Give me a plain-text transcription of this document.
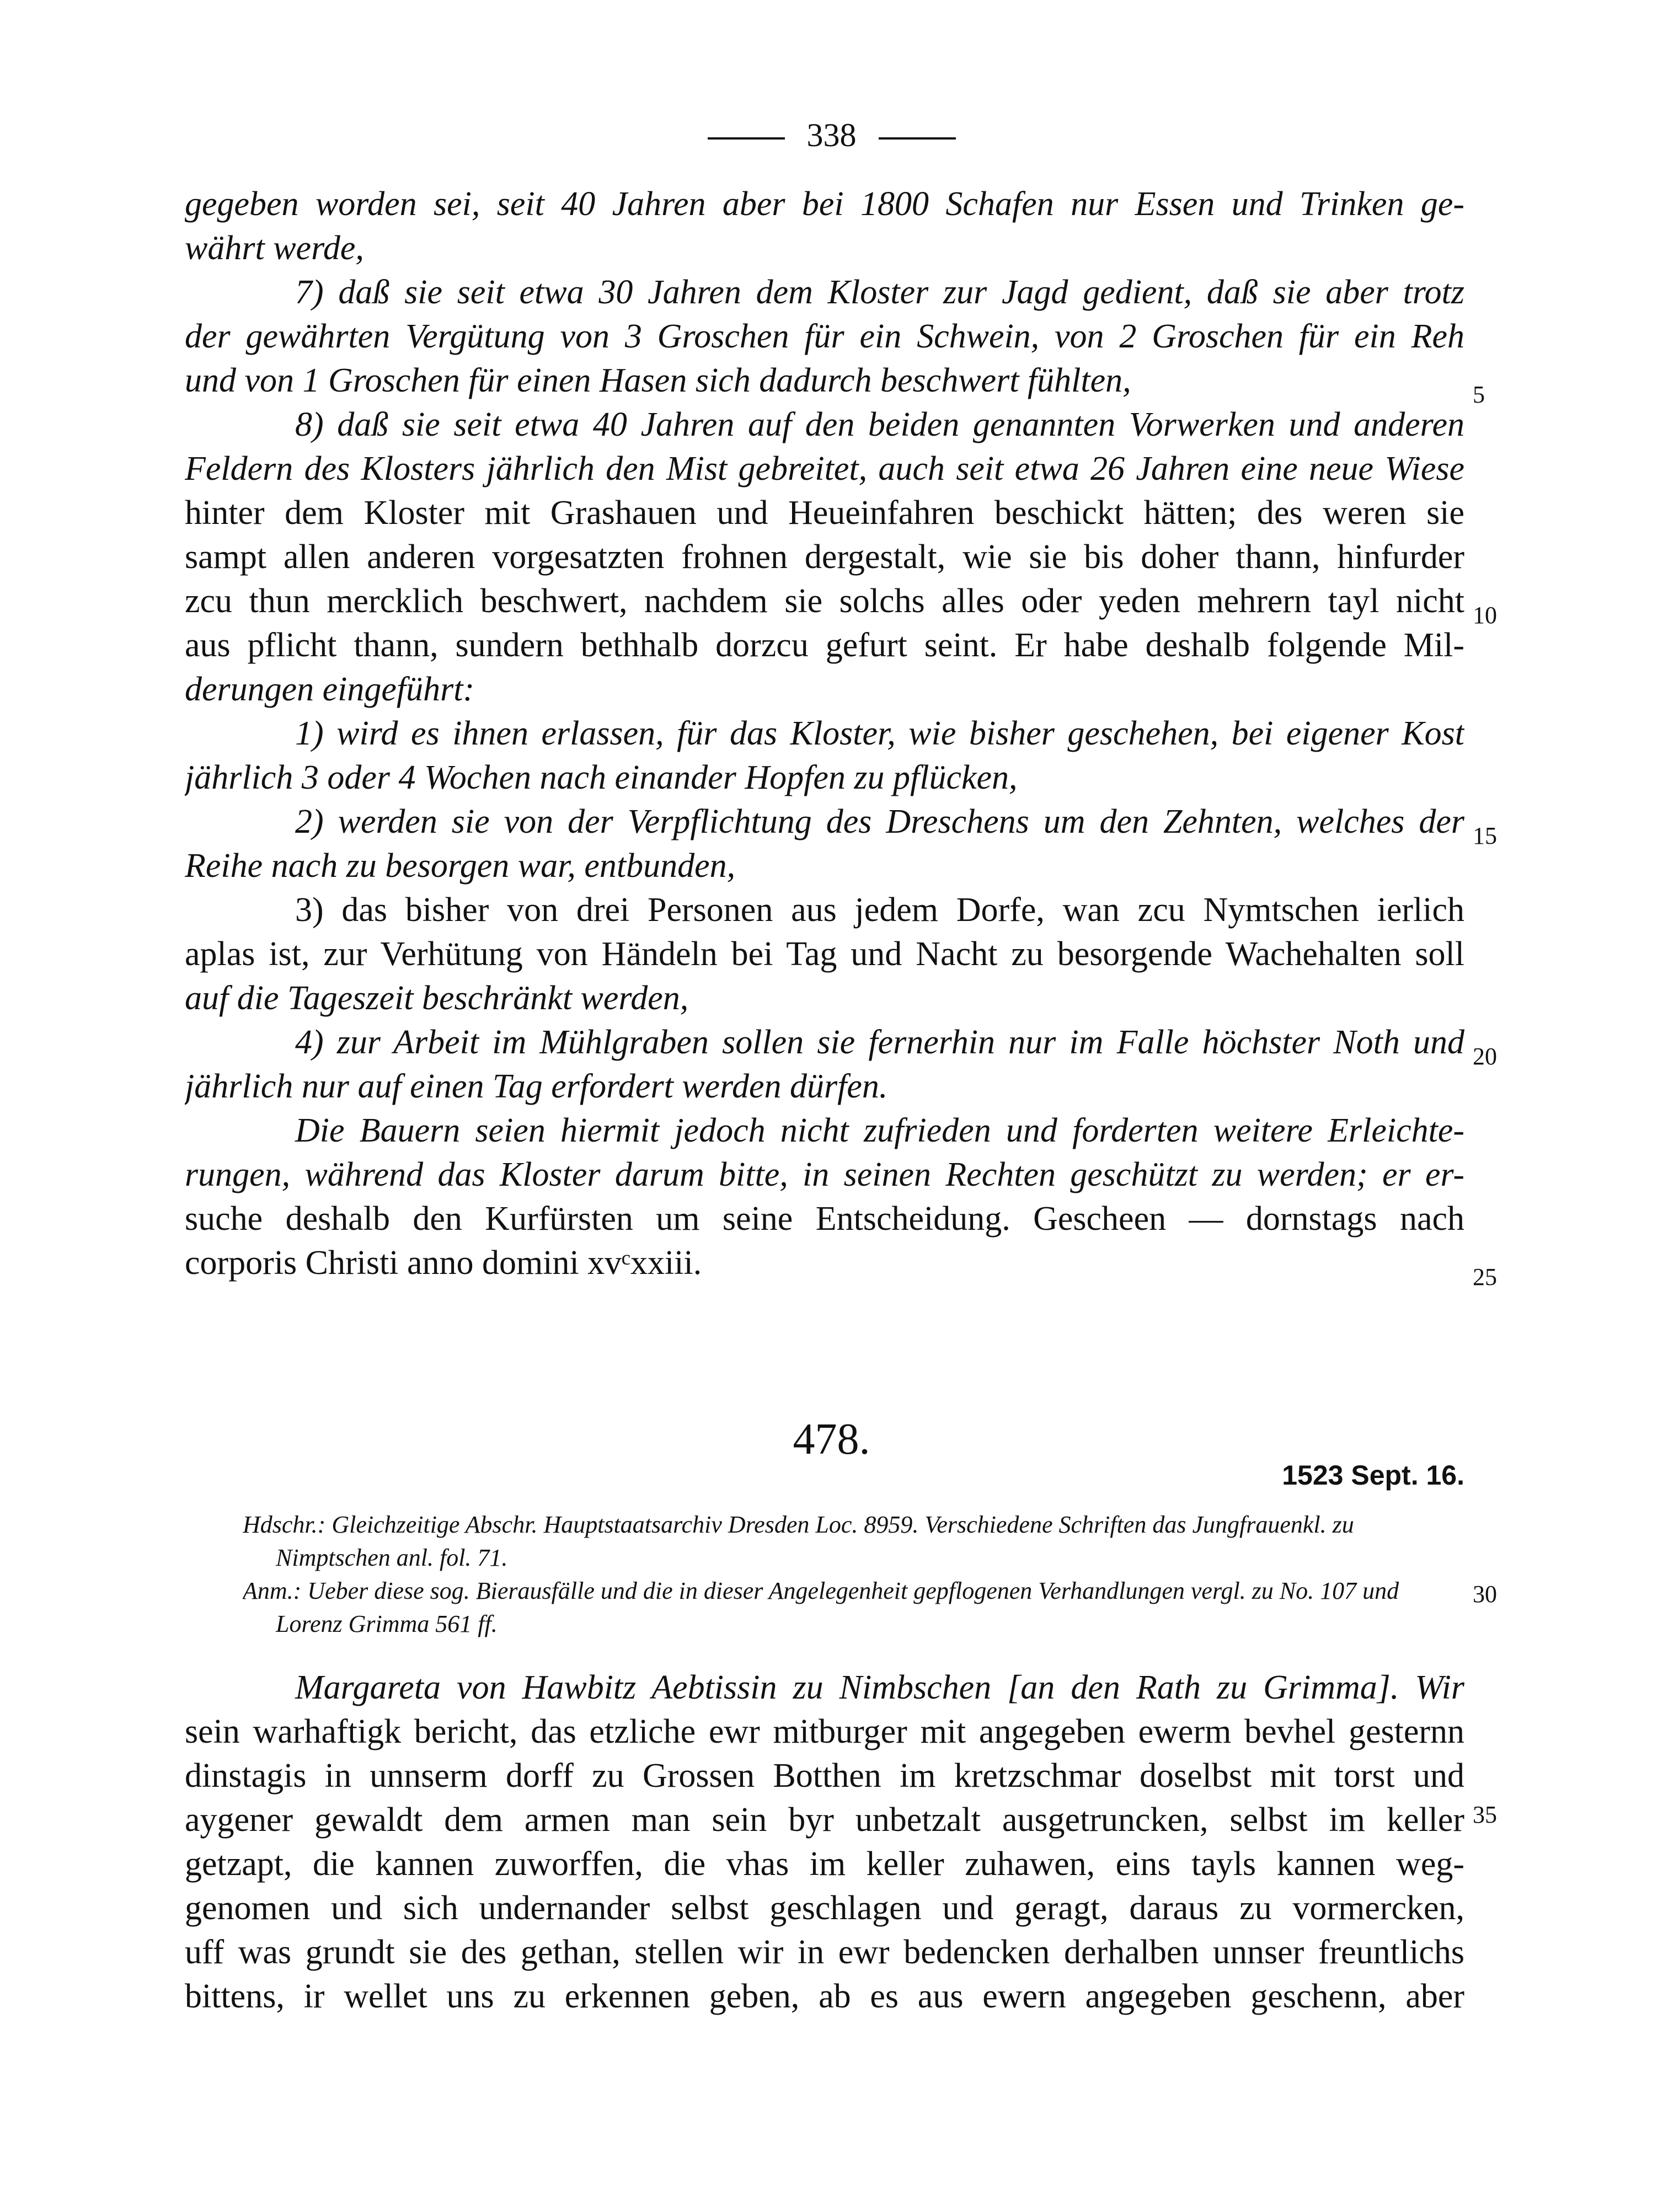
338
gegeben worden sei, seit 40 Jahren aber bei 1800 Schafen nur Essen und Trinken ge-
währt werde,
7) daß sie seit etwa 30 Jahren dem Kloster zur Jagd gedient, daß sie aber trotz
der gewährten Vergütung von 3 Groschen für ein Schwein, von 2 Groschen für ein Reh
und von 1 Groschen für einen Hasen sich dadurch beschwert fühlten,
8) daß sie seit etwa 40 Jahren auf den beiden genannten Vorwerken und anderen
Feldern des Klosters jährlich den Mist gebreitet, auch seit etwa 26 Jahren eine neue Wiese
hinter dem Kloster mit Grashauen und Heueinfahren beschickt hätten; des weren sie
sampt allen anderen vorgesatzten frohnen dergestalt, wie sie bis doher thann, hinfurder
zcu thun mercklich beschwert, nachdem sie solchs alles oder yeden mehrern tayl nicht
aus pflicht thann, sundern bethhalb dorzcu gefurt seint. Er habe deshalb folgende Mil-
derungen eingeführt:
1) wird es ihnen erlassen, für das Kloster, wie bisher geschehen, bei eigener Kost
jährlich 3 oder 4 Wochen nach einander Hopfen zu pflücken,
2) werden sie von der Verpflichtung des Dreschens um den Zehnten, welches der
Reihe nach zu besorgen war, entbunden,
3) das bisher von drei Personen aus jedem Dorfe, wan zcu Nymtschen ierlich
aplas ist, zur Verhütung von Händeln bei Tag und Nacht zu besorgende Wachehalten soll
auf die Tageszeit beschränkt werden,
4) zur Arbeit im Mühlgraben sollen sie fernerhin nur im Falle höchster Noth und
jährlich nur auf einen Tag erfordert werden dürfen.
Die Bauern seien hiermit jedoch nicht zufrieden und forderten weitere Erleichte-
rungen, während das Kloster darum bitte, in seinen Rechten geschützt zu werden; er er-
suche deshalb den Kurfürsten um seine Entscheidung. Gescheen — dornstags nach
corporis Christi anno domini xvᶜxxiii.
5
10
15
20
25
478.
1523 Sept. 16.
Hdschr.: Gleichzeitige Abschr. Hauptstaatsarchiv Dresden Loc. 8959. Verschiedene Schriften das Jungfrauenkl. zu
Nimptschen anl. fol. 71.
Anm.: Ueber diese sog. Bierausfälle und die in dieser Angelegenheit gepflogenen Verhandlungen vergl. zu No. 107 und
Lorenz Grimma 561 ff.
30
Margareta von Hawbitz Aebtissin zu Nimbschen [an den Rath zu Grimma]. Wir
sein warhaftigk bericht, das etzliche ewr mitburger mit angegeben ewerm bevhel gesternn
dinstagis in unnserm dorff zu Grossen Botthen im kretzschmar doselbst mit torst und
aygener gewaldt dem armen man sein byr unbetzalt ausgetruncken, selbst im keller
getzapt, die kannen zuworffen, die vhas im keller zuhawen, eins tayls kannen weg-
genomen und sich undernander selbst geschlagen und geragt, daraus zu vormercken,
uff was grundt sie des gethan, stellen wir in ewr bedencken derhalben unnser freuntlichs
bittens, ir wellet uns zu erkennen geben, ab es aus ewern angegeben geschenn, aber
35
